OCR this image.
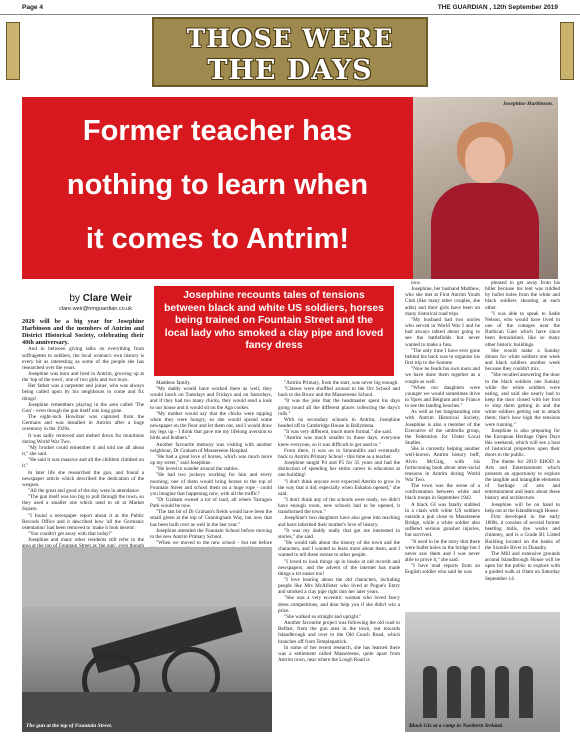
Page 4	THE GUARDIAN , 12th September 2019
THOSE WERE
THE DAYS
Former teacher has
nothing to learn when
it comes to Antrim!
Josephine Harbinson.
by Clare Weir
clare.weir@nmguardian.co.uk
Josephine recounts tales of tensions between black and white US soldiers, horses being trained on Fountain Street and the local lady who smoked a clay pipe and loved fancy dress

2020 will be a big year for Josephine Harbinson and the members of Antrim and District Historical Society, celebrating their 40th anniversary.

And in between giving talks on everything from suffragettes to soldiers, the local woman's own history is every bit as interesting as some of the people she has researched over the years.

Josephine was born and bred in Antrim, growing up at the 'top of the town', one of two girls and two boys.

Her father was a carpenter and joiner, who was always being called upon by his neighbours to come and fix things!

Josephine remembers playing in the area called 'The Gun' - even though the gun itself was long gone.

The eight-inch Howitzer was captured from the Germans and was installed in Antrim after a huge ceremony in the 1920s.

It was sadly removed and melted down for munitions during World War Two.

"My brother could remember it and told me all about it," she said.

"He said it was massive and all the children climbed on it."

In later life she researched the gun, and found a newspaper article which described the dedication of the weapon.

"All the great and good of the day were in attendance.

"The gun itself was too big to pull through the town, so they used a smaller one which used to sit at Market Square.

"I found a newspaper report about it at the Public Records Office and it described how 'all the Germanic ostentation' had been removed to 'make it look decent'.

"You couldn't get away with that today!"

Josephine and many other residents still refer to the

Maddens family.

"My daddy would have worked there as well; they would lunch on Tuesdays and Fridays and on Saturdays, and if they had too many chicks, they would send a look to our house and it would sit on the Aga cooker.

"My mother would say that the chicks were tapping when they were hungry, so she would spread some newspaper on the floor and let them out, and I would draw my legs up - I think that gave me my lifelong aversion to birds and feathers."

Another favourite memory was visiting with another neighbour, Dr Graham of Massereene Hospital.

"He had a great love of horses, which was much more up my street," said Josephine.

"He loved to wander around the stables.

"He had two jockeys working for him and every morning, one of them would bring horses to the top of Fountain Street and school them on a huge rope - could you imagine that happening now, with all the traffic?

"Dr Graham owned a lot of land, all where Tarragon Park would be now.

"The last bit of Dr Graham's fields would have been the small green at the top of Cunningham Way, but now that has been built over as well in the last year."

Josephine attended the Fountain School before moving to the new Antrim Primary School.

"When we moved to the new school - but not before

"Antrim Primary, from the start, was never big enough.

"Classes were shuffled around to the Orr School and back to the Bruce and the Massereene School.

"It was the joke that the headmaster spent his days going round all the different places collecting the days's rolls."

With no secondary schools in Antrim, Josephine headed off to Cambridge House in Ballymena.

"It was very different, much more formal," she said.

"Antrim was much smaller in those days, everyone knew everyone, so it was difficult to get used to."

From there, it was on to Stranmillis and eventually back to Antrim Primary School - this time as a teacher.

Josephine taught P4 and P5 for 35 years and had the distinction of spending her entire career in education at one building!

"I don't think anyone ever expected Antrim to grow in the way that it did, especially when Enkalon opened," she said.

"I don't think any of the schools were ready, we didn't have enough room, new schools had to be opened, it transformed the town."

Josephine's two daughters have also gone into teaching and have inherited their mother's love of history.

"It was my daddy really that got me interested in stories," she said.

"He would talk about the history of the town and the characters, and I wanted to learn more about them, and I wanted to tell these stories to other people.

"I loved to look things up in books at old records and newspapers, and the advent of the internet has made things a lot easier too!

"I love hearing about the old characters, including people like Mrs McAllister who lived at Pogue's Entry and smoked a clay pipe right into her later years.

"She was a very eccentric woman who loved fancy dress competitions, and dear help you if she didn't win a prize.

"She walked so straight and upright."

Another favourite project was following the old road to Belfast, from the gun area in the town, out towards Islandbrough and over to the Old Coach Road, which branches off from Templepatrick.

In some of her recent research, she has learned there was a settlement called Massereene, quite apart from Antrim town, near where the Lough Road is

now.

Josephine, her husband Matthew, who she met at First Antrim Youth Club (like many other couples, she adds) and their girls have been on many historical road trips.

"My husband had two uncles who served in World War I and he had always talked about going to see the battlefields but never wanted to make a fuss.

"The only time I have ever gone behind his back was to organise his first trip to the Somme.

"Now he feads his own tours and we have done them together as a couple as well.

"When our daughters were younger we would sometimes drive to Ypres and Belgium and to France to see the landing beaches."

As well as her longstanding role with Antrim Historical Society, Josephine is also a member of the Executive of the umbrella group, the Federation for Ulster Local Studies.

She is currently helping another well-known Antrim history buff, Alvin McCaig, with his forthcoming book about inter-racial tensions in Antrim during World War Two.

The town was the scene of a confrontation between white and black troops in September 1942.

A black GI was fatally stabbed in a clash with white US soldiers outside a pub close to Massereene Bridge, while a white soldier also suffered serious gunshot injuries, but survived.

"It used to be the story that there were bullet holes in the bridge but I never saw them and I was never able to prove it," she said.

"I have read reports from an English soldier who said he was

pleased to get away from his billet because his tent was riddled by bullet holes from the white and black soldiers shooting at each other.

"I was able to speak to Sadie Nelson, who would have lived in one of the cottages near the Barbican Gate which have since been demolished, like so many other historic buildings.

She would make a Sunday dinner for white soldiers one week and black soldiers another week because they couldn't mix.

"She recalled answering the door to the black soldiers one Sunday while the white soldiers were eating, and said she nearly had to keep the door closed with her foot to stop them getting in and the white soldiers getting out to attack them; that's how high the tensions were running."

Josephine is also preparing for the European Heritage Open Days this weekend, which will see a host of historical properties open their doors to the public.

The theme for 2019 EHOD is Arts and Entertainment which presents an opportunity to explore the tangible and intangible elements of heritage of arts and entertainment and learn about these history and architecture.

Josephine will be on hand to help out at the Islandbrough House.

First developed in the early 1800s, it consists of several former beetling mills, dye works and chimney, and is a Grade B1 Listed Building located on the banks of the Sixmile River in Dunadry.

The Mill and extensive grounds around Islandbrough House will be open for the public to explore with a guided walk at 10am on Saturday September 14.

The gun at the top of Fountain Street.	Black GIs at a camp in Northern Ireland.
